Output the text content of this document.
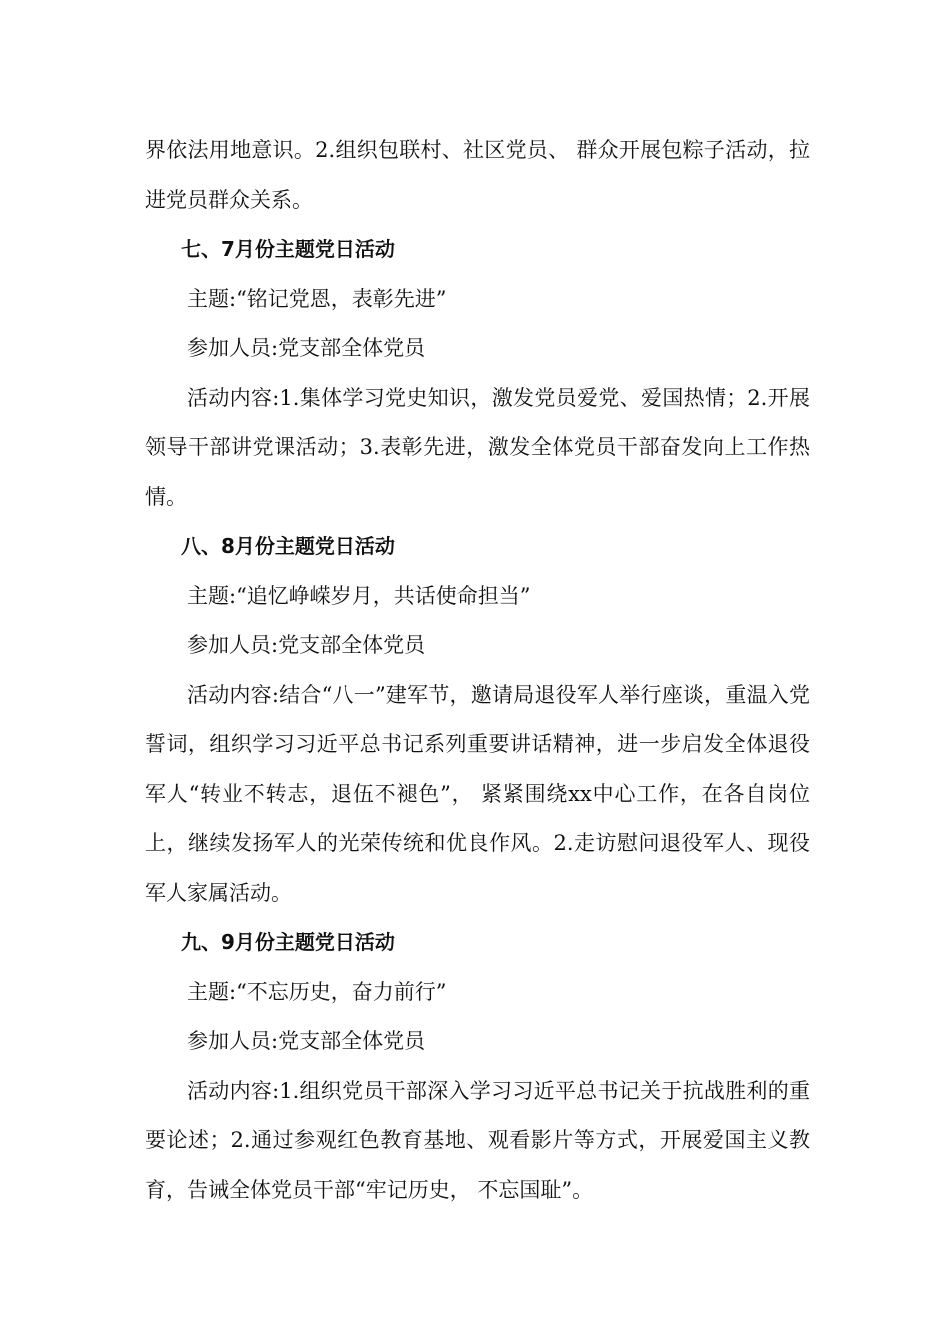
界依法用地意识。2.组织包联村、社区党员、 群众开展包粽子活动，拉进党员群众关系。

七、7月份主题党日活动

主题:“铭记党恩，表彰先进”

参加人员:党支部全体党员

活动内容:1.集体学习党史知识，激发党员爱党、爱国热情；2.开展领导干部讲党课活动；3.表彰先进，激发全体党员干部奋发向上工作热情。

八、8月份主题党日活动

主题:“追忆峥嵘岁月，共话使命担当”

参加人员:党支部全体党员

活动内容:结合“八一”建军节，邀请局退役军人举行座谈，重温入党誓词，组织学习习近平总书记系列重要讲话精神，进一步启发全体退役军人“转业不转志，退伍不褪色”， 紧紧围绕xx中心工作，在各自岗位上，继续发扬军人的光荣传统和优良作风。2.走访慰问退役军人、现役军人家属活动。

九、9月份主题党日活动

主题:“不忘历史，奋力前行”

参加人员:党支部全体党员

活动内容:1.组织党员干部深入学习习近平总书记关于抗战胜利的重要论述；2.通过参观红色教育基地、观看影片等方式，开展爱国主义教育，告诫全体党员干部“牢记历史， 不忘国耻”。
